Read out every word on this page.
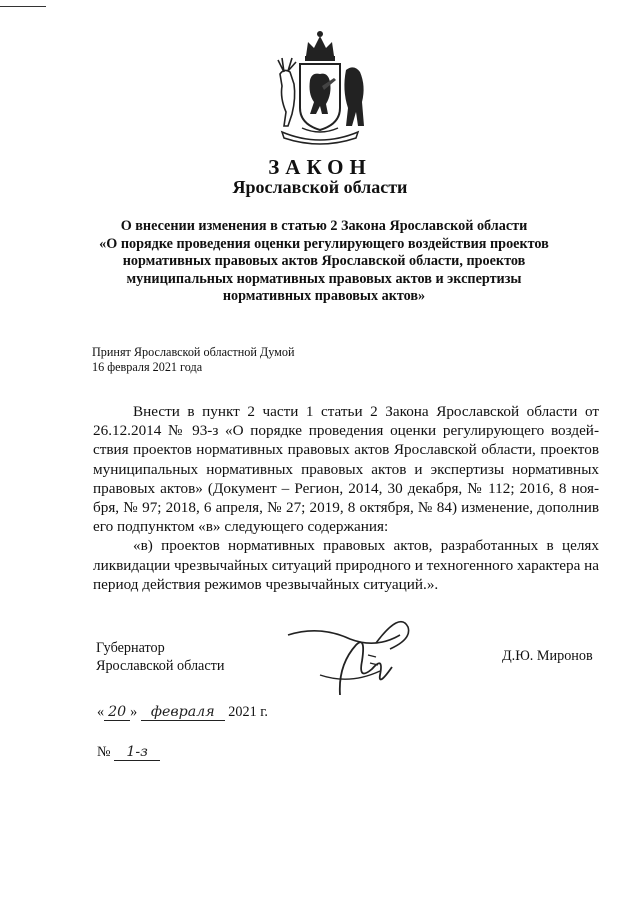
ЗАКОН
Ярославской области
О внесении изменения в статью 2 Закона Ярославской области
«О порядке проведения оценки регулирующего воздействия проектов
нормативных правовых актов Ярославской области, проектов
муниципальных нормативных правовых актов и экспертизы
нормативных правовых актов»
Принят Ярославской областной Думой
16 февраля 2021 года

Внести в пункт 2 части 1 статьи 2 Закона Ярославской области от 26.12.2014 № 93-з «О порядке проведения оценки регулирующего воздействия проектов нормативных правовых актов Ярославской области, проектов муниципальных нормативных правовых актов и экспертизы нормативных правовых актов» (Документ – Регион, 2014, 30 декабря, № 112; 2016, 8 ноября, № 97; 2018, 6 апреля, № 27; 2019, 8 октября, № 84) изменение, дополнив его подпунктом «в» следующего содержания:

«в) проектов нормативных правовых актов, разработанных в целях ликвидации чрезвычайных ситуаций природного и техногенного характера на период действия режимов чрезвычайных ситуаций.».

Губернатор
Ярославской области
Д.Ю. Миронов
« 20 » февраля 2021 г.
№ 1-з
